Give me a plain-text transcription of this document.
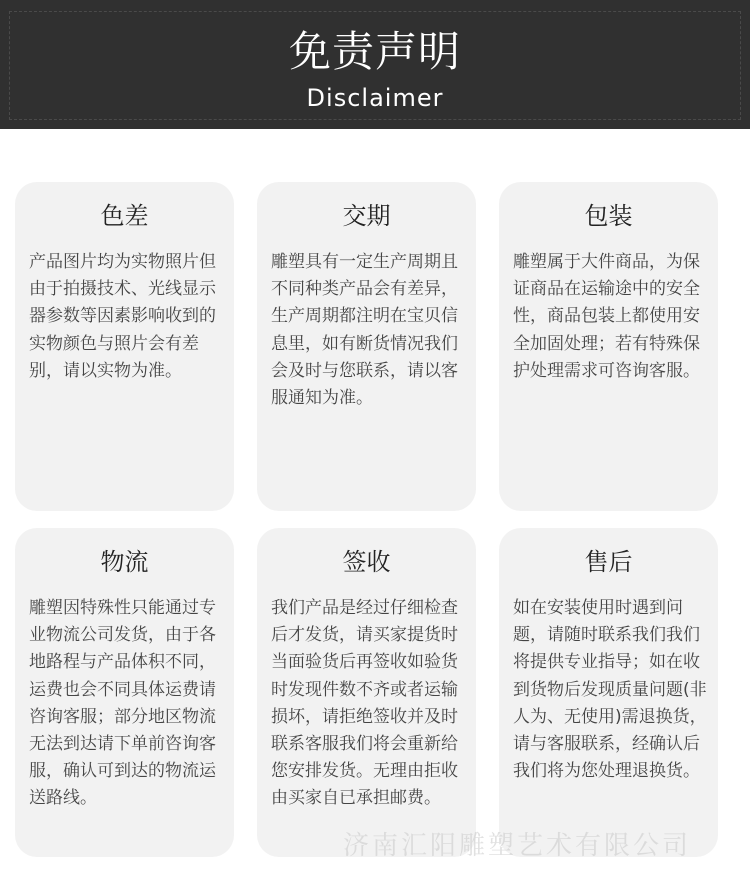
免责声明
Disclaimer
色差
产品图片均为实物照片但由于拍摄技术、光线显示器参数等因素影响收到的实物颜色与照片会有差别，请以实物为准。
交期
雕塑具有一定生产周期且不同种类产品会有差异，生产周期都注明在宝贝信息里，如有断货情况我们会及时与您联系，请以客服通知为准。
包装
雕塑属于大件商品，为保证商品在运输途中的安全性，商品包装上都使用安全加固处理；若有特殊保护处理需求可咨询客服。
物流
雕塑因特殊性只能通过专业物流公司发货，由于各地路程与产品体积不同，运费也会不同具体运费请咨询客服；部分地区物流无法到达请下单前咨询客服，确认可到达的物流运送路线。
签收
我们产品是经过仔细检查后才发货，请买家提货时当面验货后再签收如验货时发现件数不齐或者运输损坏，请拒绝签收并及时联系客服我们将会重新给您安排发货。无理由拒收由买家自已承担邮费。
售后
如在安装使用时遇到问题，请随时联系我们我们将提供专业指导；如在收到货物后发现质量问题(非人为、无使用)需退换货，请与客服联系，经确认后我们将为您处理退换货。
济南汇阳雕塑艺术有限公司
